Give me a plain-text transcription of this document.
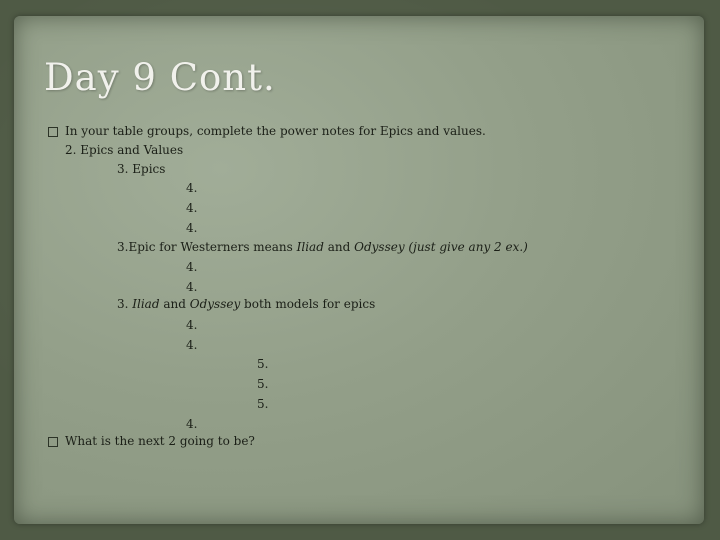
Day 9 Cont.

In your table groups, complete the power notes for Epics and values.

2. Epics and Values

3. Epics

4.

4.

4.

3.Epic for Westerners means Iliad and Odyssey (just give any 2 ex.)

4.

4.

3. Iliad and Odyssey both models for epics

4.

4.

5.

5.

5.

4.

What is the next 2 going to be?
